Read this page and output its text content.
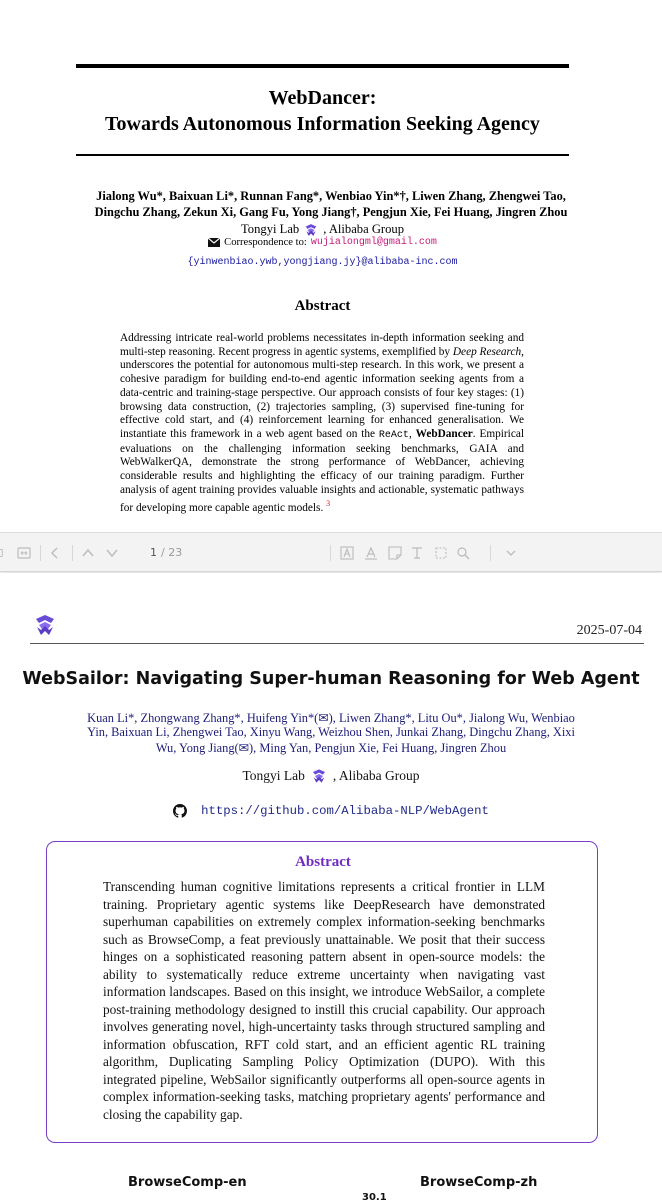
WebDancer:
Towards Autonomous Information Seeking Agency
Jialong Wu*, Baixuan Li*, Runnan Fang*, Wenbiao Yin*†, Liwen Zhang, Zhengwei Tao,
Dingchu Zhang, Zekun Xi, Gang Fu, Yong Jiang†, Pengjun Xie, Fei Huang, Jingren Zhou
Tongyi Lab , Alibaba Group
Correspondence to: wujialongml@gmail.com
{yinwenbiao.ywb,yongjiang.jy}@alibaba-inc.com
Abstract
Addressing intricate real-world problems necessitates in-depth information seeking and multi-step reasoning. Recent progress in agentic systems, exemplified by Deep Research, underscores the potential for autonomous multi-step research. In this work, we present a cohesive paradigm for building end-to-end agentic information seeking agents from a data-centric and training-stage perspective. Our approach consists of four key stages: (1) browsing data construction, (2) trajectories sampling, (3) supervised fine-tuning for effective cold start, and (4) reinforcement learning for enhanced generalisation. We instantiate this framework in a web agent based on the ReAct, WebDancer. Empirical evaluations on the challenging information seeking benchmarks, GAIA and WebWalkerQA, demonstrate the strong performance of WebDancer, achieving considerable results and highlighting the efficacy of our training paradigm. Further analysis of agent training provides valuable insights and actionable, systematic pathways for developing more capable agentic models. $^3$
1 / 23
2025-07-04
WebSailor: Navigating Super-human Reasoning for Web Agent
Kuan Li*, Zhongwang Zhang*, Huifeng Yin*(✉), Liwen Zhang*, Litu Ou*, Jialong Wu, Wenbiao
Yin, Baixuan Li, Zhengwei Tao, Xinyu Wang, Weizhou Shen, Junkai Zhang, Dingchu Zhang, Xixi
Wu, Yong Jiang(✉), Ming Yan, Pengjun Xie, Fei Huang, Jingren Zhou
Tongyi Lab , Alibaba Group
https://github.com/Alibaba-NLP/WebAgent
Abstract
Transcending human cognitive limitations represents a critical frontier in LLM training. Proprietary agentic systems like DeepResearch have demonstrated superhuman capabilities on extremely complex information-seeking benchmarks such as BrowseComp, a feat previously unattainable. We posit that their success hinges on a sophisticated reasoning pattern absent in open-source models: the ability to systematically reduce extreme uncertainty when navigating vast information landscapes. Based on this insight, we introduce WebSailor, a complete post-training methodology designed to instill this crucial capability. Our approach involves generating novel, high-uncertainty tasks through structured sampling and information obfuscation, RFT cold start, and an efficient agentic RL training algorithm, Duplicating Sampling Policy Optimization (DUPO). With this integrated pipeline, WebSailor significantly outperforms all open-source agents in complex information-seeking tasks, matching proprietary agents' performance and closing the capability gap.
BrowseComp-en	BrowseComp-zh
30.1
